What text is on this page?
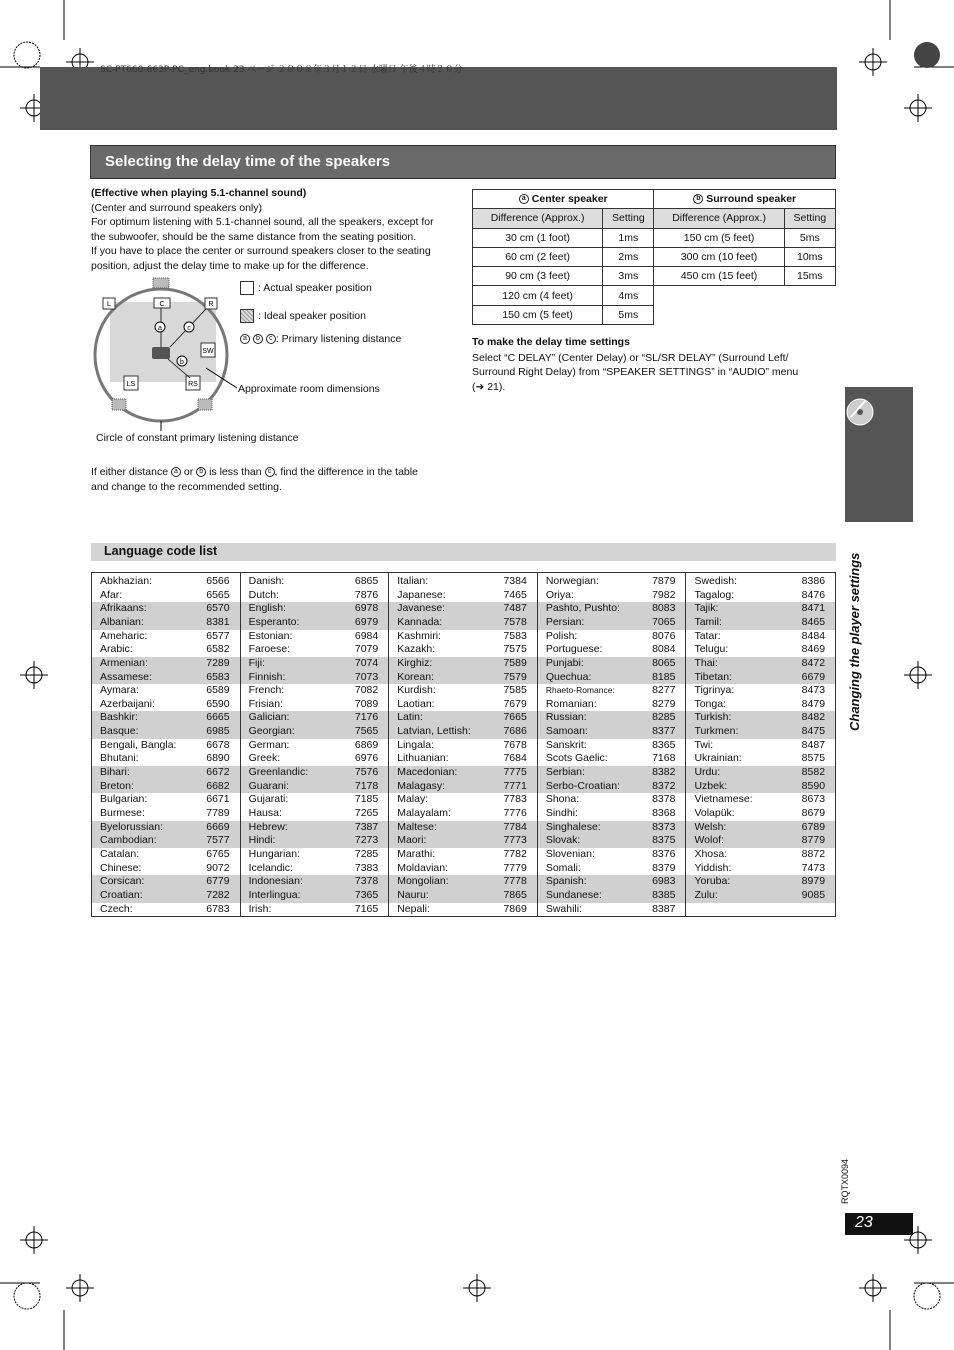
SC-PT660-663P-PC_eng.book 23 ページ ２００８年３月１２日 水曜日 午後４時２０分
Selecting the delay time of the speakers
(Effective when playing 5.1-channel sound)
(Center and surround speakers only)
For optimum listening with 5.1-channel sound, all the speakers, except for
the subwoofer, should be the same distance from the seating position.
If you have to place the center or surround speakers closer to the seating
position, adjust the delay time to make up for the difference.
a
b
c
L	C	R
SW
LS	RS
: Actual speaker position
: Ideal speaker position
a b c : Primary listening distance
Approximate room dimensions
Circle of constant primary listening distance
If either distance a or b is less than c , find the difference in the table
and change to the recommended setting.
a Center speaker		b Surround speaker	
Difference (Approx.)	Setting	Difference (Approx.)	Setting
30 cm (1 foot)	1ms	150 cm (5 feet)	5ms
60 cm (2 feet)	2ms	300 cm (10 feet)	10ms
90 cm (3 feet)	3ms	450 cm (15 feet)	15ms
120 cm (4 feet)	4ms		
150 cm (5 feet)	5ms		
To make the delay time settings
Select “C DELAY” (Center Delay) or “SL/SR DELAY” (Surround Left/
Surround Right Delay) from “SPEAKER SETTINGS” in “AUDIO” menu
(➜ 21).
Language code list
Abkhazian:	6566
Afar:	6565
Afrikaans:	6570
Albanian:	8381
Ameharic:	6577
Arabic:	6582
Armenian:	7289
Assamese:	6583
Aymara:	6589
Azerbaijani:	6590
Bashkir:	6665
Basque:	6985
Bengali, Bangla:	6678
Bhutani:	6890
Bihari:	6672
Breton:	6682
Bulgarian:	6671
Burmese:	7789
Byelorussian:	6669
Cambodian:	7577
Catalan:	6765
Chinese:	9072
Corsican:	6779
Croatian:	7282
Czech:	6783
Danish:	6865
Dutch:	7876
English:	6978
Esperanto:	6979
Estonian:	6984
Faroese:	7079
Fiji:	7074
Finnish:	7073
French:	7082
Frisian:	7089
Galician:	7176
Georgian:	7565
German:	6869
Greek:	6976
Greenlandic:	7576
Guarani:	7178
Gujarati:	7185
Hausa:	7265
Hebrew:	7387
Hindi:	7273
Hungarian:	7285
Icelandic:	7383
Indonesian:	7378
Interlingua:	7365
Irish:	7165
Italian:	7384
Japanese:	7465
Javanese:	7487
Kannada:	7578
Kashmiri:	7583
Kazakh:	7575
Kirghiz:	7589
Korean:	7579
Kurdish:	7585
Laotian:	7679
Latin:	7665
Latvian, Lettish:	7686
Lingala:	7678
Lithuanian:	7684
Macedonian:	7775
Malagasy:	7771
Malay:	7783
Malayalam:	7776
Maltese:	7784
Maori:	7773
Marathi:	7782
Moldavian:	7779
Mongolian:	7778
Nauru:	7865
Nepali:	7869
Norwegian:	7879
Oriya:	7982
Pashto, Pushto:	8083
Persian:	7065
Polish:	8076
Portuguese:	8084
Punjabi:	8065
Quechua:	8185
Rhaeto-Romance:	8277
Romanian:	8279
Russian:	8285
Samoan:	8377
Sanskrit:	8365
Scots Gaelic:	7168
Serbian:	8382
Serbo-Croatian:	8372
Shona:	8378
Sindhi:	8368
Singhalese:	8373
Slovak:	8375
Slovenian:	8376
Somali:	8379
Spanish:	6983
Sundanese:	8385
Swahili:	8387
Swedish:	8386
Tagalog:	8476
Tajik:	8471
Tamil:	8465
Tatar:	8484
Telugu:	8469
Thai:	8472
Tibetan:	6679
Tigrinya:	8473
Tonga:	8479
Turkish:	8482
Turkmen:	8475
Twi:	8487
Ukrainian:	8575
Urdu:	8582
Uzbek:	8590
Vietnamese:	8673
Volapük:	8679
Welsh:	6789
Wolof:	8779
Xhosa:	8872
Yiddish:	7473
Yoruba:	8979
Zulu:	9085
Changing the player settings
RQTX0094
23
